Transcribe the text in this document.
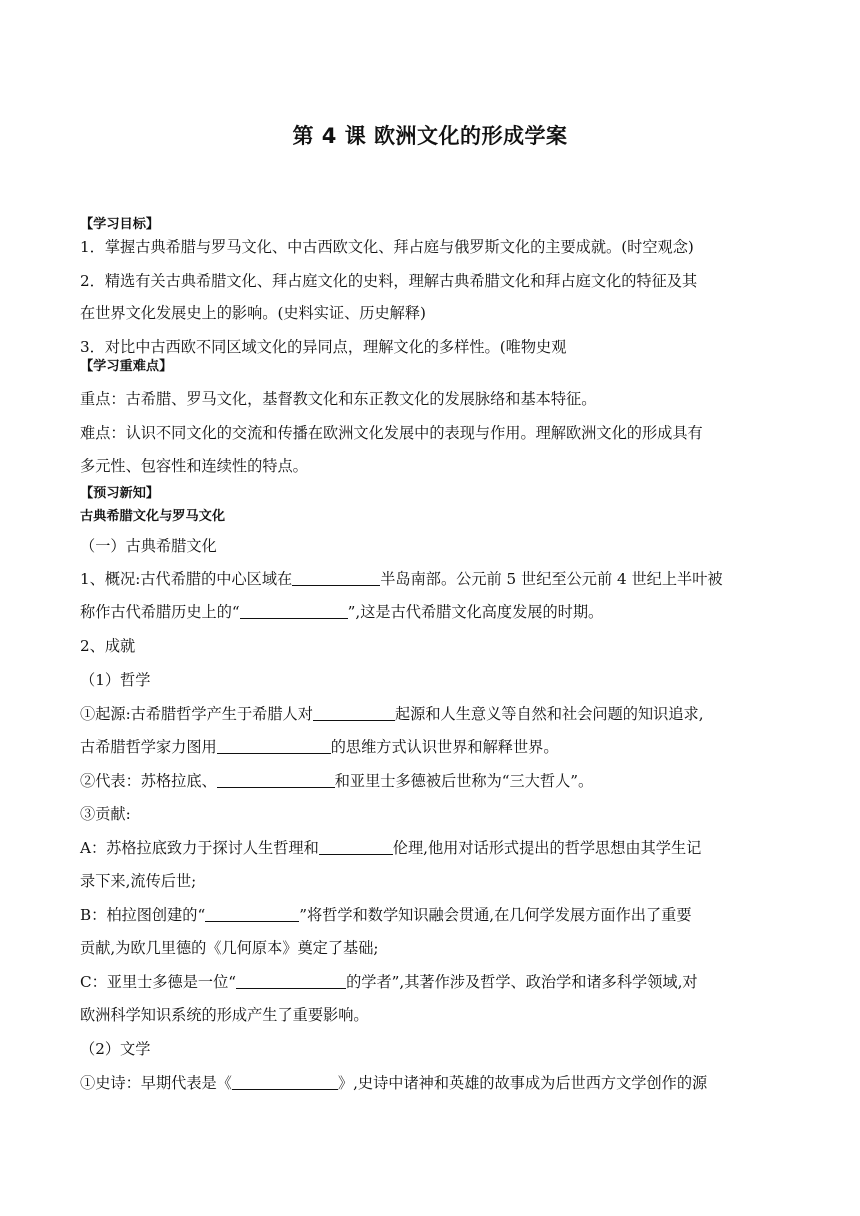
第 4 课 欧洲文化的形成学案
【学习目标】
1．掌握古典希腊与罗马文化、中古西欧文化、拜占庭与俄罗斯文化的主要成就。(时空观念)
2．精选有关古典希腊文化、拜占庭文化的史料，理解古典希腊文化和拜占庭文化的特征及其
在世界文化发展史上的影响。(史料实证、历史解释)
3．对比中古西欧不同区域文化的异同点，理解文化的多样性。(唯物史观
【学习重难点】
重点：古希腊、罗马文化，基督教文化和东正教文化的发展脉络和基本特征。
难点：认识不同文化的交流和传播在欧洲文化发展中的表现与作用。理解欧洲文化的形成具有
多元性、包容性和连续性的特点。
【预习新知】
古典希腊文化与罗马文化
（一）古典希腊文化
1、概况:古代希腊的中心区域在	半岛南部。公元前 5 世纪至公元前 4 世纪上半叶被
称作古代希腊历史上的“	”,这是古代希腊文化高度发展的时期。
2、成就
（1）哲学
①起源:古希腊哲学产生于希腊人对	起源和人生意义等自然和社会问题的知识追求,
古希腊哲学家力图用	的思维方式认识世界和解释世界。
②代表：苏格拉底、	和亚里士多德被后世称为“三大哲人”。
③贡献:
A：苏格拉底致力于探讨人生哲理和	伦理,他用对话形式提出的哲学思想由其学生记
录下来,流传后世;
B：柏拉图创建的“	”将哲学和数学知识融会贯通,在几何学发展方面作出了重要
贡献,为欧几里德的《几何原本》奠定了基础;
C：亚里士多德是一位“	的学者”,其著作涉及哲学、政治学和诸多科学领域,对
欧洲科学知识系统的形成产生了重要影响。
（2）文学
①史诗：早期代表是《	》,史诗中诸神和英雄的故事成为后世西方文学创作的源
